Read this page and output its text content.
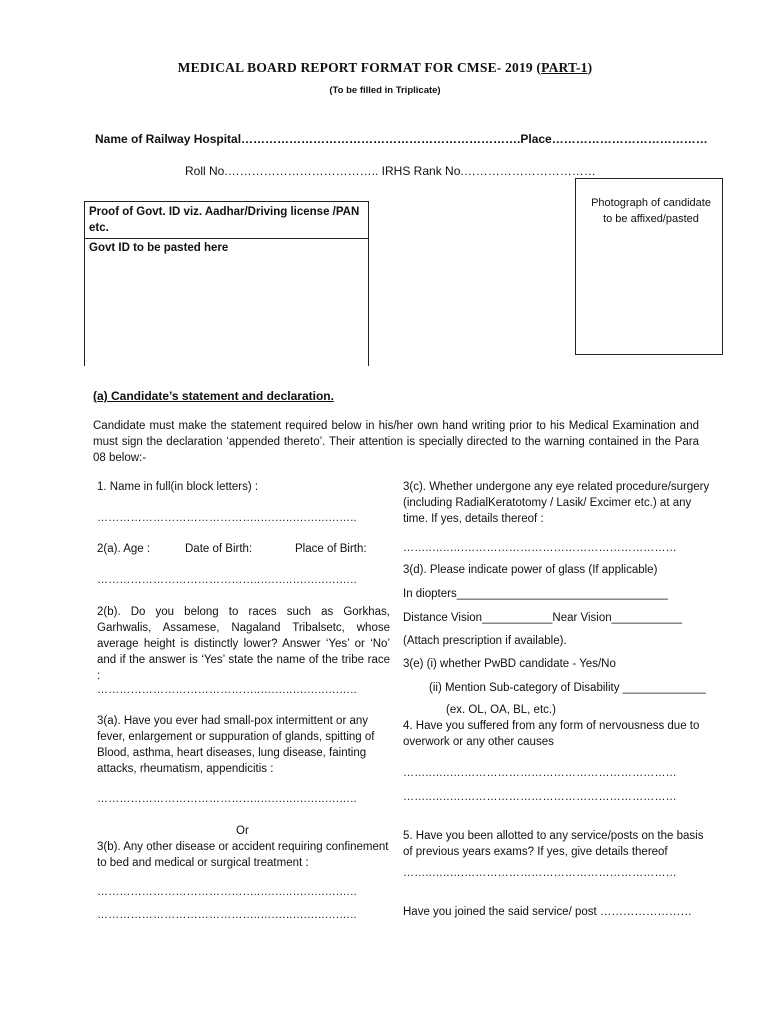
MEDICAL BOARD REPORT FORMAT FOR CMSE- 2019 (PART-1)
(To be filled in Triplicate)
Name of Railway Hospital…………………………………………………………….Place…………………………………
Roll No.……………………………….. IRHS Rank No.……………………………
Proof of Govt. ID viz. Aadhar/Driving license /PAN etc.
Govt ID to be pasted here
Photograph of candidate to be affixed/pasted
(a) Candidate’s statement and declaration.
Candidate must make the statement required below in his/her own hand writing prior to his Medical Examination and must sign the declaration ‘appended thereto’. Their attention is specially directed to the warning contained in the Para 08 below:-
1. Name in full(in block letters) :
……………………………………..….…..….…..….…..
2(a). Age :	Date of Birth:	Place of Birth:
……………………………………..….…..….…..….…..
2(b). Do you belong to races such as Gorkhas, Garhwalis, Assamese, Nagaland Tribalsetc, whose average height is distinctly lower? Answer ‘Yes’ or ‘No’ and if the answer is ‘Yes’ state the name of the tribe race :
……………………………………..….…..….…..….…..
3(a). Have you ever had small-pox intermittent or any fever, enlargement or suppuration of glands, spitting of Blood, asthma, heart diseases, lung disease, fainting attacks, rheumatism, appendicitis :
……………………………………..….…..….…..….…..
Or
3(b). Any other disease or accident requiring confinement to bed and medical or surgical treatment :
……………………………………..….…..….…..….…..
……………………………………..….…..….…..….…..
3(c). Whether undergone any eye related procedure/surgery (including RadialKeratotomy / Lasik/ Excimer etc.) at any time. If yes, details thereof :
……..…..….…………………………………………………
3(d). Please indicate power of glass (If applicable)
In diopters_________________________________
Distance Vision___________Near Vision___________
(Attach prescription if available).
3(e) (i) whether PwBD candidate - Yes/No
(ii) Mention Sub-category of Disability _____________
(ex. OL, OA, BL, etc.)
4. Have you suffered from any form of nervousness due to overwork or any other causes
……..…..….…………………………………………………
……..…..….…………………………………………………
5. Have you been allotted to any service/posts on the basis of previous years exams? If yes, give details thereof
……..…..….…………………………………………………
Have you joined the said service/ post ……………………
